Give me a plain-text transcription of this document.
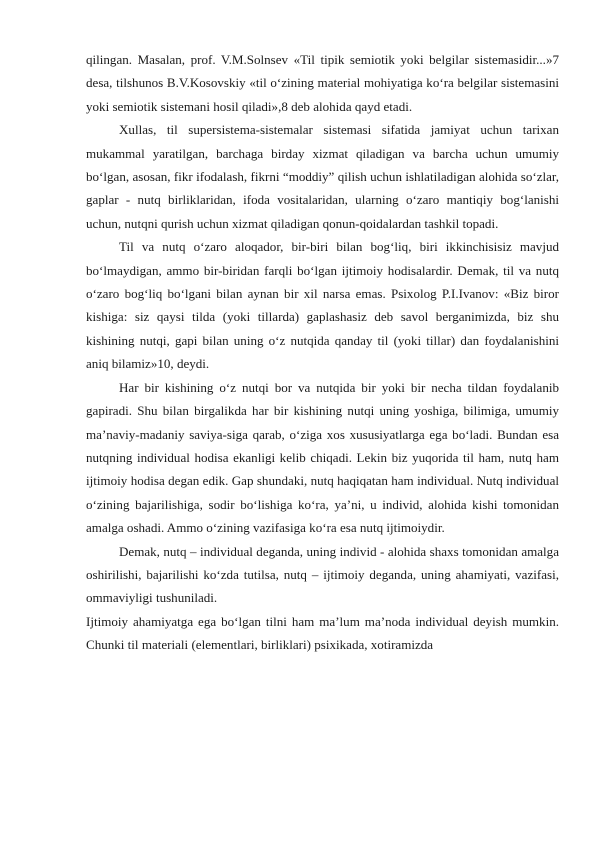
qilingan. Masalan, prof. V.M.Solnsev «Til tipik semiotik yoki belgilar sistemasidir...»7 desa, tilshunos B.V.Kosovskiy «til o‘zining material mohiyatiga ko‘ra belgilar sistemasini yoki semiotik sistemani hosil qiladi»,8 deb alohida qayd etadi.

Xullas, til supersistema-sistemalar sistemasi sifatida jamiyat uchun tarixan mukammal yaratilgan, barchaga birday xizmat qiladigan va barcha uchun umumiy bo‘lgan, asosan, fikr ifodalash, fikrni “moddiy” qilish uchun ishlatiladigan alohida so‘zlar, gaplar - nutq birliklaridan, ifoda vositalaridan, ularning o‘zaro mantiqiy bog‘lanishi uchun, nutqni qurish uchun xizmat qiladigan qonun-qoidalardan tashkil topadi.

Til va nutq o‘zaro aloqador, bir-biri bilan bog‘liq, biri ikkinchisisiz mavjud bo‘lmaydigan, ammo bir-biridan farqli bo‘lgan ijtimoiy hodisalardir. Demak, til va nutq o‘zaro bog‘liq bo‘lgani bilan aynan bir xil narsa emas. Psixolog P.I.Ivanov: «Biz biror kishiga: siz qaysi tilda (yoki tillarda) gaplashasiz deb savol berganimizda, biz shu kishining nutqi, gapi bilan uning o‘z nutqida qanday til (yoki tillar) dan foydalanishini aniq bilamiz»10, deydi.

Har bir kishining o‘z nutqi bor va nutqida bir yoki bir necha tildan foydalanib gapiradi. Shu bilan birgalikda har bir kishining nutqi uning yoshiga, bilimiga, umumiy ma’naviy-madaniy saviya-siga qarab, o‘ziga xos xususiyatlarga ega bo‘ladi. Bundan esa nutqning individual hodisa ekanligi kelib chiqadi. Lekin biz yuqorida til ham, nutq ham ijtimoiy hodisa degan edik. Gap shundaki, nutq haqiqatan ham individual. Nutq individual o‘zining bajarilishiga, sodir bo‘lishiga ko‘ra, ya’ni, u individ, alohida kishi tomonidan amalga oshadi. Ammo o‘zining vazifasiga ko‘ra esa nutq ijtimoiydir.

Demak, nutq – individual deganda, uning individ - alohida shaxs tomonidan amalga oshirilishi, bajarilishi ko‘zda tutilsa, nutq – ijtimoiy deganda, uning ahamiyati, vazifasi, ommaviyligi tushuniladi.

Ijtimoiy ahamiyatga ega bo‘lgan tilni ham ma’lum ma’noda individual deyish mumkin. Chunki til materiali (elementlari, birliklari) psixikada, xotiramizda
